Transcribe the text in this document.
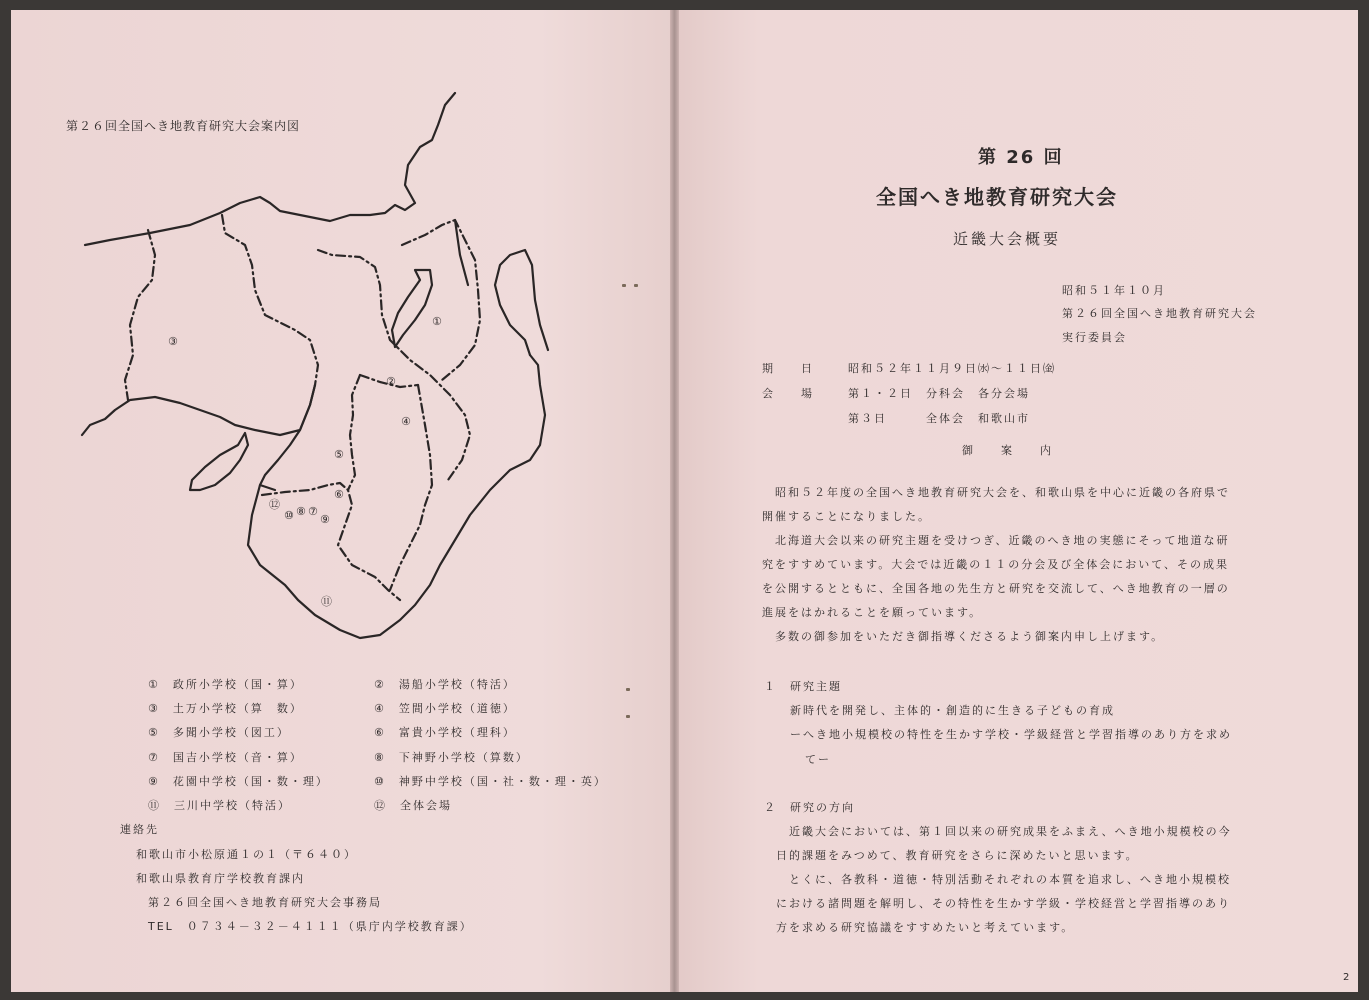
第２６回全国へき地教育研究大会案内図
③
①
②
④
⑤
⑥
⑫
⑩ ⑧ ⑦
⑨
⑪
①　 政所小学校（国・算）	②　 湯船小学校（特活）
③　 土万小学校（算　数）	④　 笠間小学校（道徳）
⑤　 多聞小学校（図工）	⑥　 富貴小学校（理科）
⑦　 国吉小学校（音・算）	⑧　 下神野小学校（算数）
⑨　 花園中学校（国・数・理）	⑩　 神野中学校（国・社・数・理・英）
⑪　 三川中学校（特活）	⑫　 全体会場
連絡先
和歌山市小松原通１の１（〒６４０）
和歌山県教育庁学校教育課内
第２６回全国へき地教育研究大会事務局
TEL　０７３４－３２－４１１１（県庁内学校教育課）
第 26 回
全国へき地教育研究大会
近畿大会概要
昭和５１年１０月
第２６回全国へき地教育研究大会
実行委員会
期　　日	昭和５２年１１月９日㈬～１１日㈮
会　　場	第１・２日　分科会　各分会場
第３日　　　全体会　和歌山市
御　　案　　内
　昭和５２年度の全国へき地教育研究大会を、和歌山県を中心に近畿の各府県で
開催することになりました。
　北海道大会以来の研究主題を受けつぎ、近畿のへき地の実態にそって地道な研
究をすすめています。大会では近畿の１１の分会及び全体会において、その成果
を公開するとともに、全国各地の先生方と研究を交流して、へき地教育の一層の
進展をはかれることを願っています。
　多数の御参加をいただき御指導くださるよう御案内申し上げます。
１　研究主題
新時代を開発し、主体的・創造的に生きる子どもの育成
ーへき地小規模校の特性を生かす学校・学級経営と学習指導のあり方を求め
てー
２　研究の方向
　近畿大会においては、第１回以来の研究成果をふまえ、へき地小規模校の今
日的課題をみつめて、教育研究をさらに深めたいと思います。
　とくに、各教科・道徳・特別活動それぞれの本質を追求し、へき地小規模校
における諸問題を解明し、その特性を生かす学級・学校経営と学習指導のあり
方を求める研究協議をすすめたいと考えています。
2
